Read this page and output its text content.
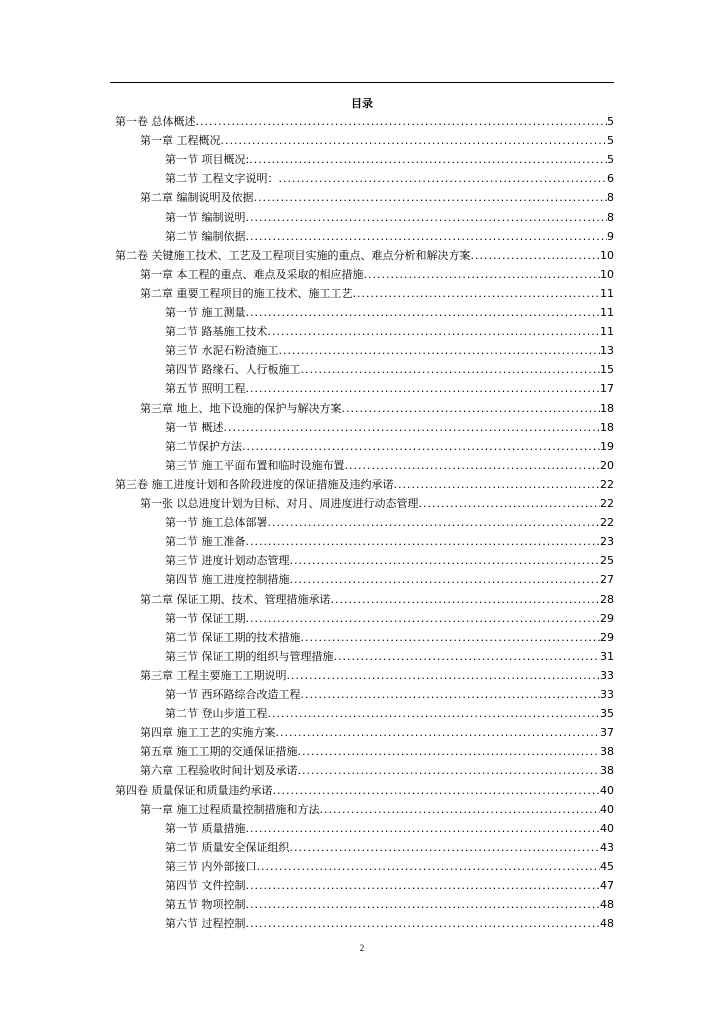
目录
第一卷 总体概述 .....	5
第一章 工程概况 .....	5
第一节 项目概况: .....	5
第二节 工程文字说明： .....	6
第二章 编制说明及依据 .....	8
第一节 编制说明 .....	8
第二节 编制依据 .....	9
第二卷 关键施工技术、工艺及工程项目实施的重点、难点分析和解决方案 .....	10
第一章 本工程的重点、难点及采取的相应措施 .....	10
第二章 重要工程项目的施工技术、施工工艺 .....	11
第一节 施工测量 .....	11
第二节 路基施工技术 .....	11
第三节 水泥石粉渣施工 .....	13
第四节 路缘石、人行板施工 .....	15
第五节 照明工程 .....	17
第三章 地上、地下设施的保护与解决方案 .....	18
第一节 概述 .....	18
第二节保护方法 .....	19
第三节 施工平面布置和临时设施布置 .....	20
第三卷 施工进度计划和各阶段进度的保证措施及违约承诺 .....	22
第一张 以总进度计划为目标、对月、周进度进行动态管理 .....	22
第一节 施工总体部署 .....	22
第二节 施工准备 .....	23
第三节 进度计划动态管理 .....	25
第四节 施工进度控制措施 .....	27
第二章 保证工期、技术、管理措施承诺 .....	28
第一节 保证工期 .....	29
第二节 保证工期的技术措施 .....	29
第三节 保证工期的组织与管理措施 .....	31
第三章 工程主要施工工期说明 .....	33
第一节 西环路综合改造工程 .....	33
第二节 登山步道工程 .....	35
第四章 施工工艺的实施方案 .....	37
第五章 施工工期的交通保证措施 .....	38
第六章 工程验收时间计划及承诺 .....	38
第四卷 质量保证和质量违约承诺 .....	40
第一章 施工过程质量控制措施和方法 .....	40
第一节 质量措施 .....	40
第二节 质量安全保证组织 .....	43
第三节 内外部接口 .....	45
第四节 文件控制 .....	47
第五节 物项控制 .....	48
第六节 过程控制 .....	48
2
